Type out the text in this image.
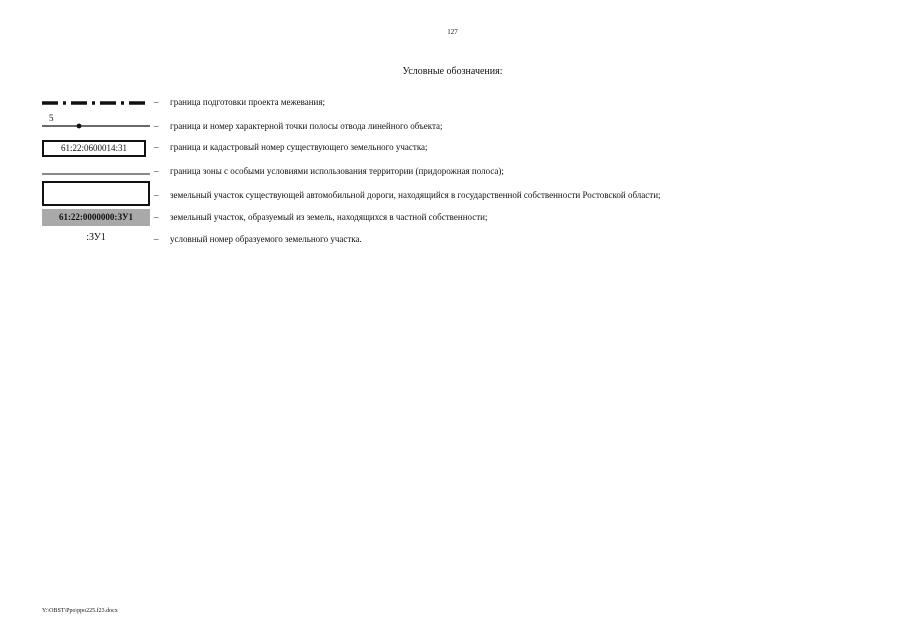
127
Условные обозначения:
– граница подготовки проекта межевания;
5
– граница и номер характерной точки полосы отвода линейного объекта;
61:22:0600014:31	– граница и кадастровый номер существующего земельного участка;
– граница зоны с особыми условиями использования территории (придорожная полоса);
– земельный участок существующей автомобильной дороги, находящийся в государственной собственности Ростовской области;
61:22:0000000:ЗУ1	– земельный участок, образуемый из земель, находящихся в частной собственности;
:ЗУ1	– условный номер образуемого земельного участка.
Y:\OBST\Ppo\ppo225.f23.docx
